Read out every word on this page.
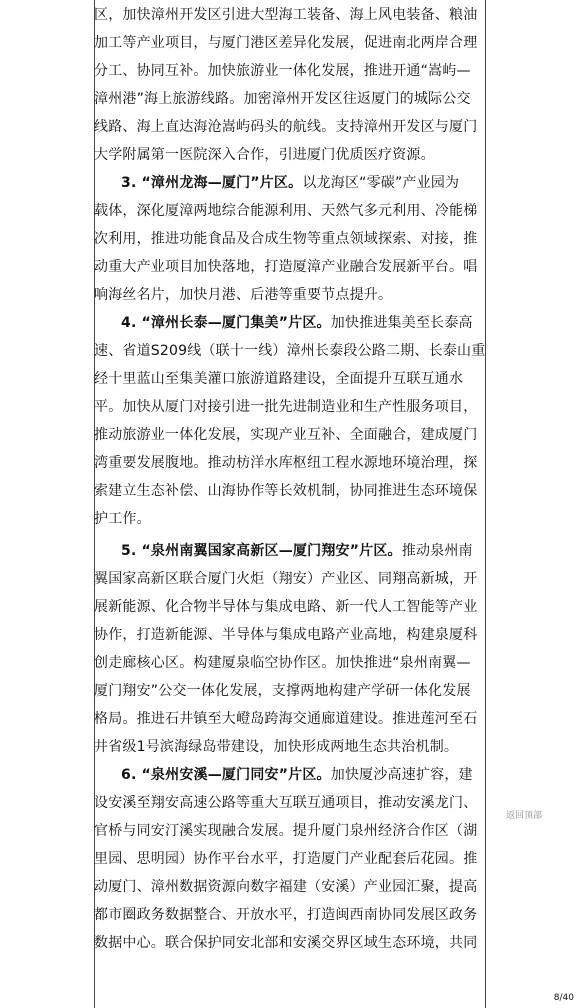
区，加快漳州开发区引进大型海工装备、海上风电装备、粮油
加工等产业项目，与厦门港区差异化发展，促进南北两岸合理
分工、协同互补。加快旅游业一体化发展，推进开通“嵩屿—
漳州港”海上旅游线路。加密漳州开发区往返厦门的城际公交
线路、海上直达海沧嵩屿码头的航线。支持漳州开发区与厦门
大学附属第一医院深入合作，引进厦门优质医疗资源。
3. “漳州龙海—厦门”片区。以龙海区“零碳”产业园为
载体，深化厦漳两地综合能源利用、天然气多元利用、冷能梯
次利用，推进功能食品及合成生物等重点领域探索、对接，推
动重大产业项目加快落地，打造厦漳产业融合发展新平台。唱
响海丝名片，加快月港、后港等重要节点提升。
4. “漳州长泰—厦门集美”片区。加快推进集美至长泰高
速、省道S209线（联十一线）漳州长泰段公路二期、长泰山重
经十里蓝山至集美灌口旅游道路建设，全面提升互联互通水
平。加快从厦门对接引进一批先进制造业和生产性服务项目，
推动旅游业一体化发展，实现产业互补、全面融合，建成厦门
湾重要发展腹地。推动枋洋水库枢纽工程水源地环境治理，探
索建立生态补偿、山海协作等长效机制，协同推进生态环境保
护工作。
5. “泉州南翼国家高新区—厦门翔安”片区。推动泉州南
翼国家高新区联合厦门火炬（翔安）产业区、同翔高新城，开
展新能源、化合物半导体与集成电路、新一代人工智能等产业
协作，打造新能源、半导体与集成电路产业高地，构建泉厦科
创走廊核心区。构建厦泉临空协作区。加快推进“泉州南翼—
厦门翔安”公交一体化发展，支撑两地构建产学研一体化发展
格局。推进石井镇至大嶝岛跨海交通廊道建设。推进莲河至石
井省级1号滨海绿岛带建设，加快形成两地生态共治机制。
6. “泉州安溪—厦门同安”片区。加快厦沙高速扩容，建
设安溪至翔安高速公路等重大互联互通项目，推动安溪龙门、
官桥与同安汀溪实现融合发展。提升厦门泉州经济合作区（湖
里园、思明园）协作平台水平，打造厦门产业配套后花园。推
动厦门、漳州数据资源向数字福建（安溪）产业园汇聚，提高
都市圈政务数据整合、开放水平，打造闽西南协同发展区政务
数据中心。联合保护同安北部和安溪交界区域生态环境，共同
返回顶部
8/40
